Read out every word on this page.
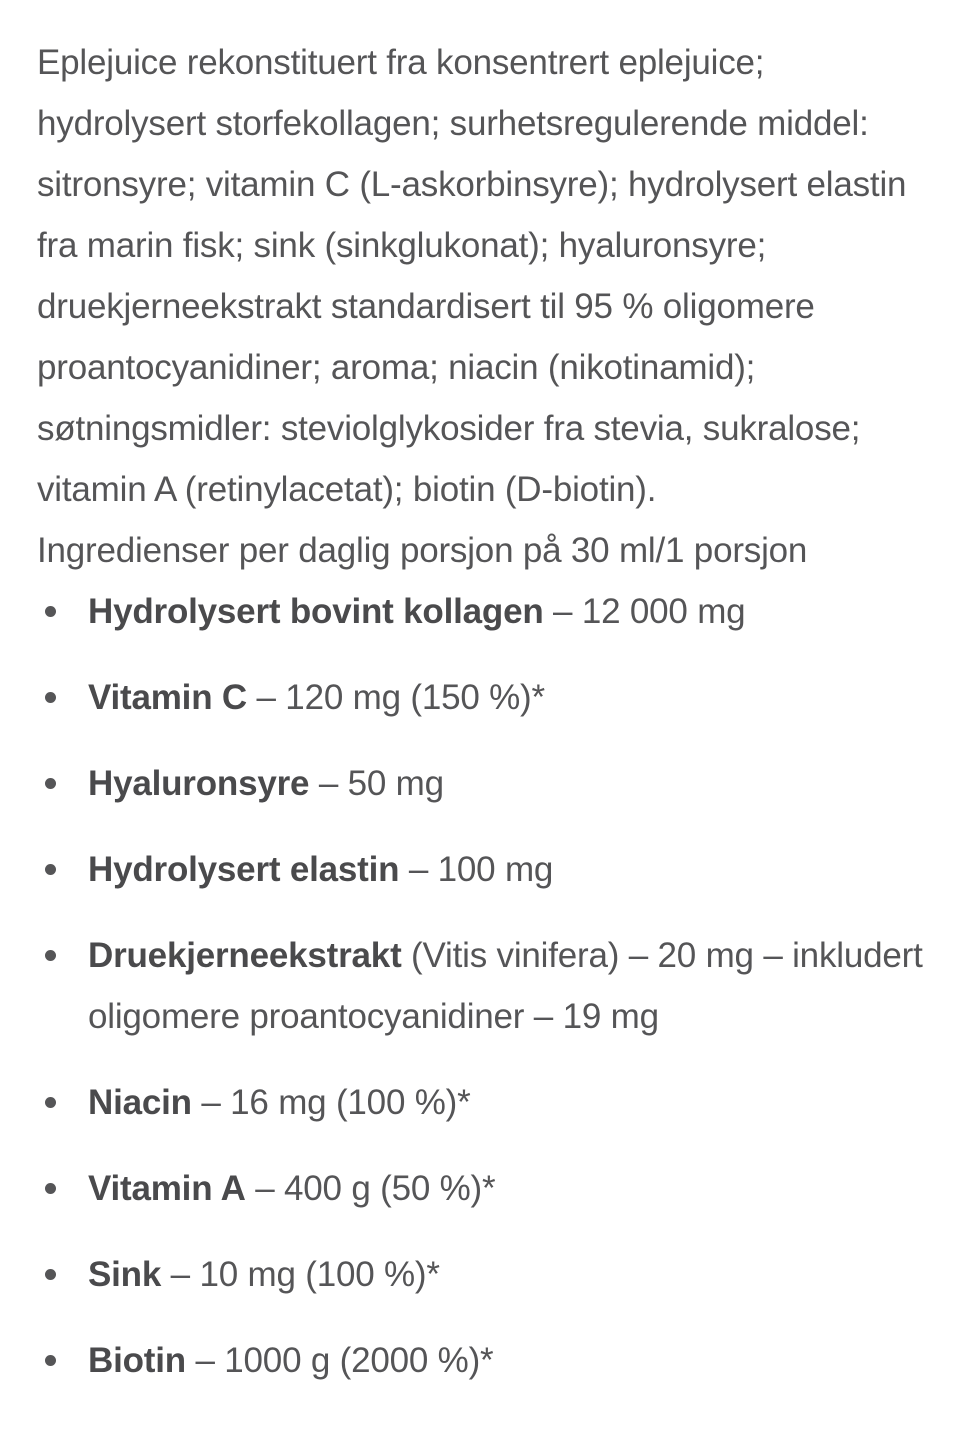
Eplejuice rekonstituert fra konsentrert eplejuice; hydrolysert storfekollagen; surhetsregulerende middel: sitronsyre; vitamin C (L-askorbinsyre); hydrolysert elastin fra marin fisk; sink (sinkglukonat); hyaluronsyre; druekjerneekstrakt standardisert til 95 % oligomere proantocyanidiner; aroma; niacin (nikotinamid); søtningsmidler: steviolglykosider fra stevia, sukralose; vitamin A (retinylacetat); biotin (D-biotin).

Ingredienser per daglig porsjon på 30 ml/1 porsjon

Hydrolysert bovint kollagen – 12 000 mg
Vitamin C – 120 mg (150 %)*
Hyaluronsyre – 50 mg
Hydrolysert elastin – 100 mg
Druekjerneekstrakt (Vitis vinifera) – 20 mg – inkludert oligomere proantocyanidiner – 19 mg
Niacin – 16 mg (100 %)*
Vitamin A – 400 g (50 %)*
Sink – 10 mg (100 %)*
Biotin – 1000 g (2000 %)*
